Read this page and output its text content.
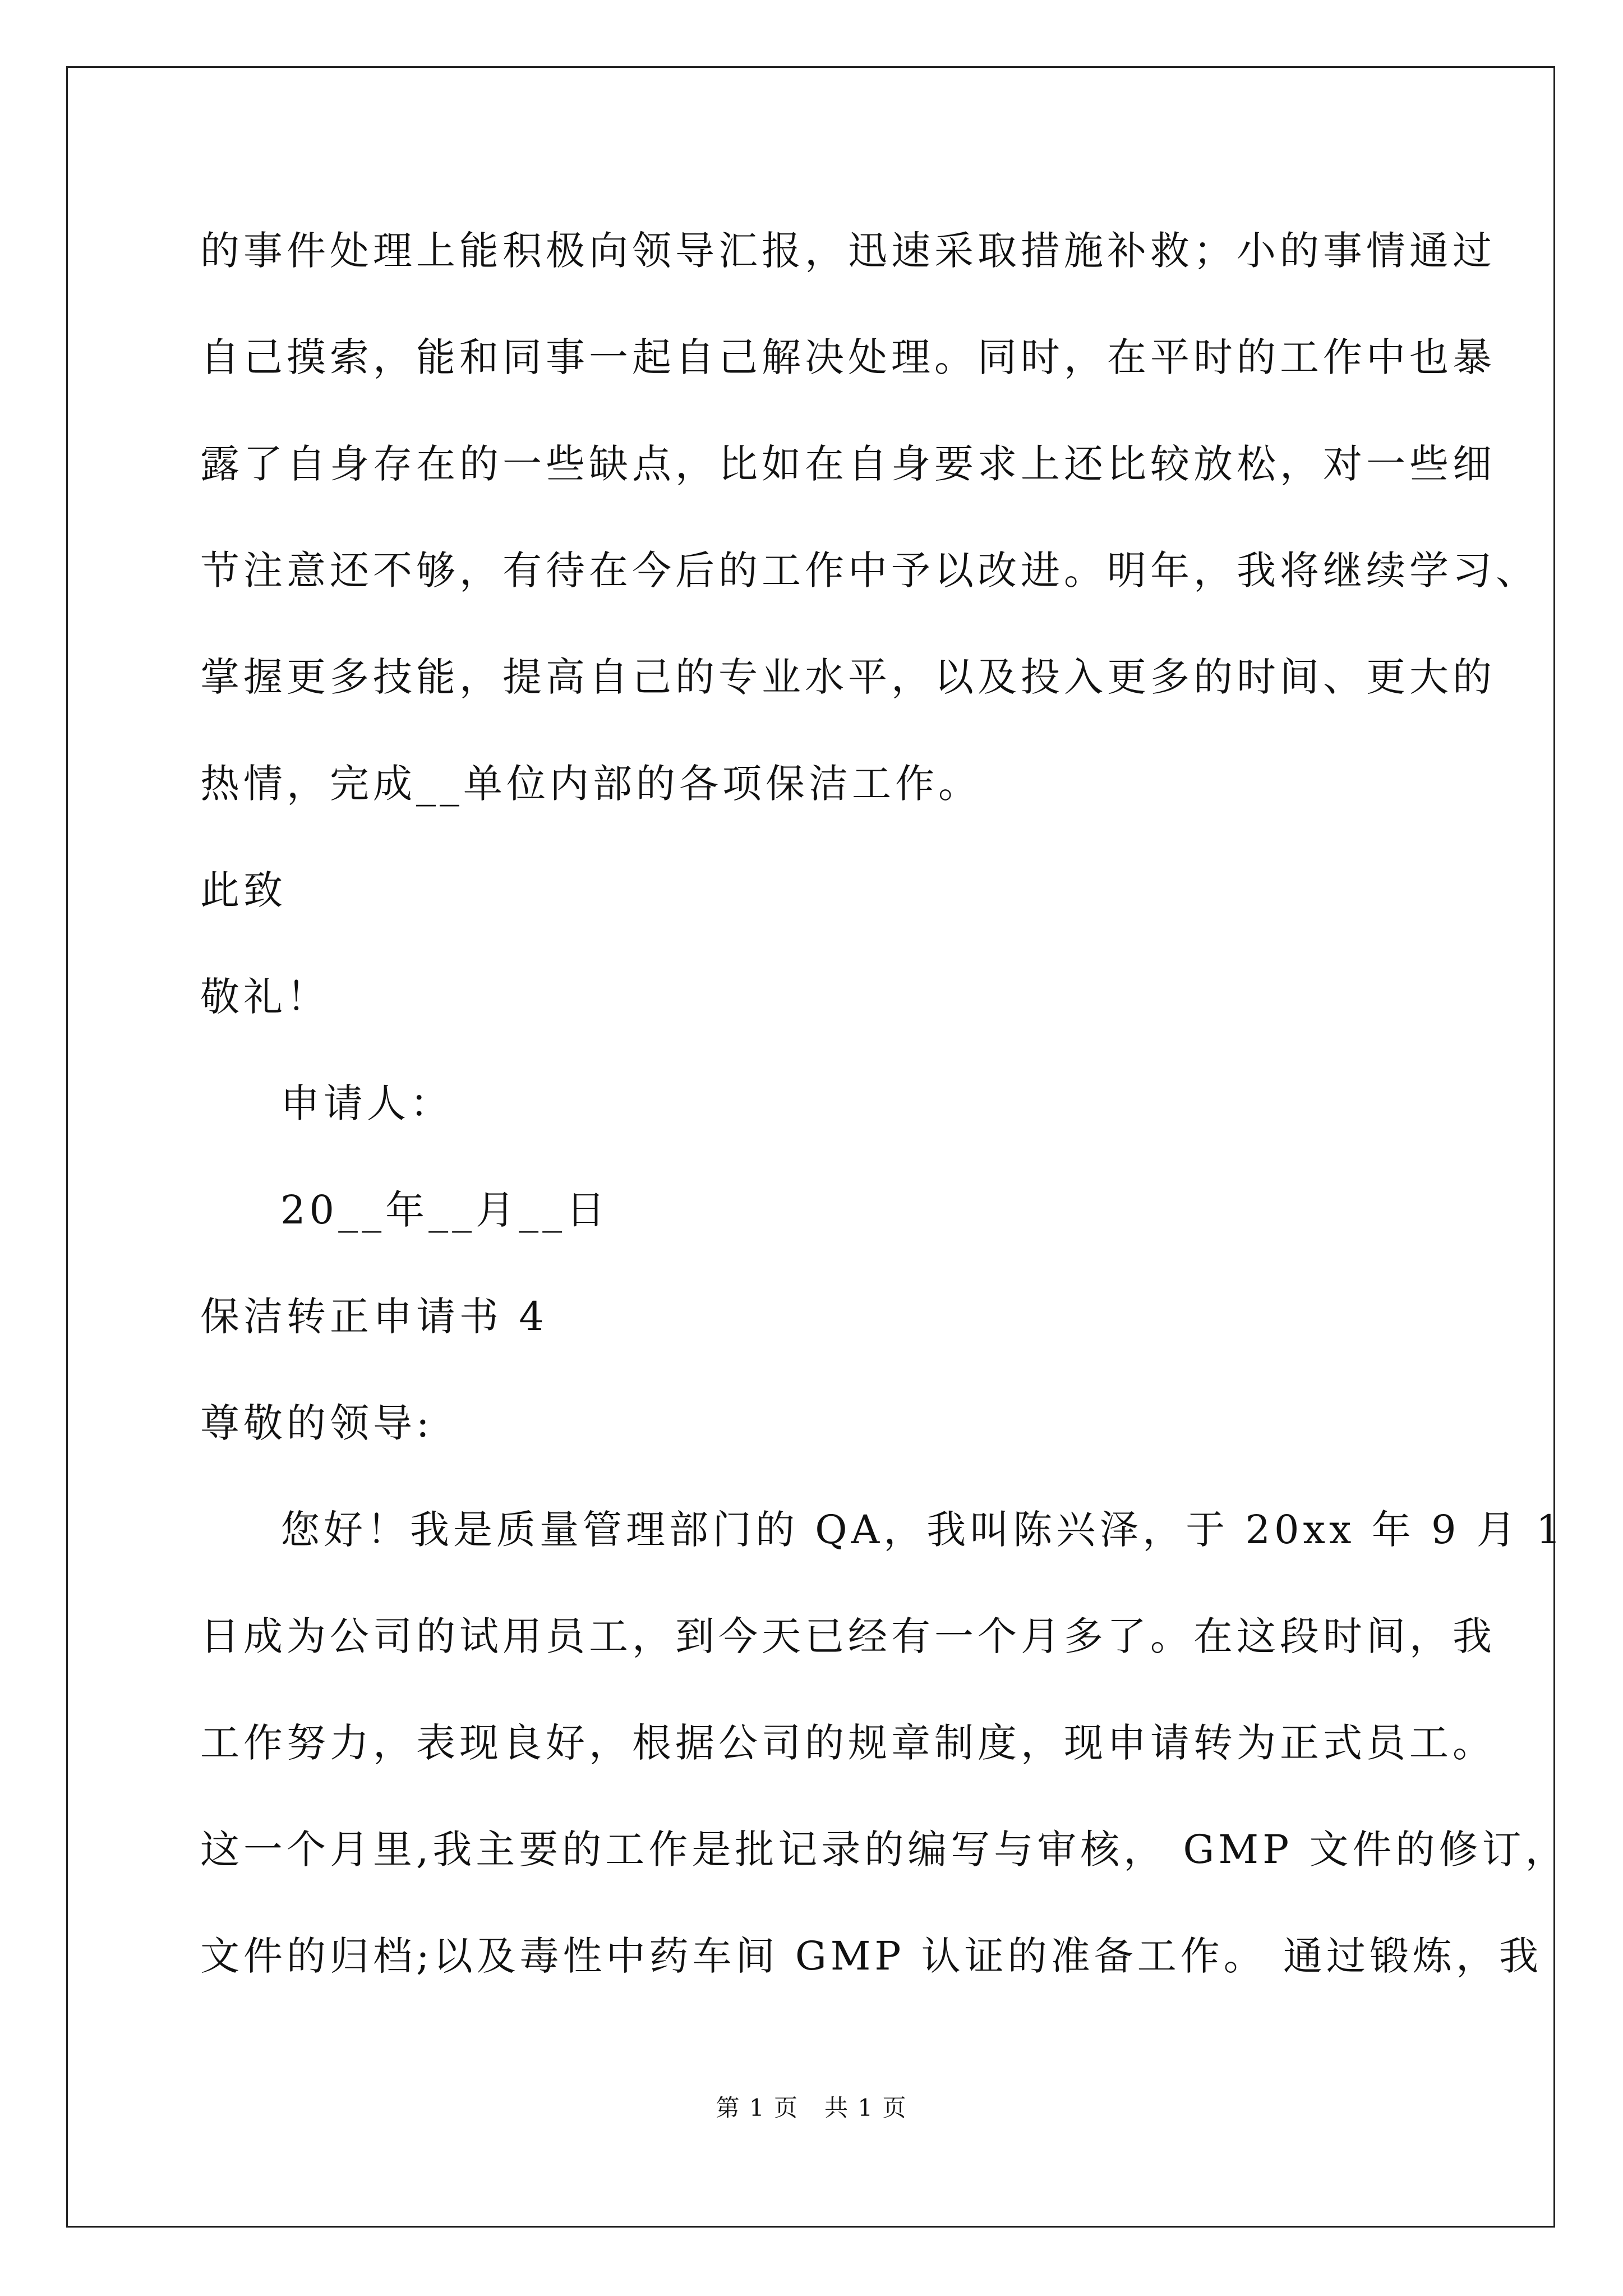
的事件处理上能积极向领导汇报，迅速采取措施补救；小的事情通过
自己摸索，能和同事一起自己解决处理。同时，在平时的工作中也暴
露了自身存在的一些缺点，比如在自身要求上还比较放松，对一些细
节注意还不够，有待在今后的工作中予以改进。明年，我将继续学习、
掌握更多技能，提高自己的专业水平，以及投入更多的时间、更大的
热情，完成__单位内部的各项保洁工作。
此致
敬礼！
申请人：
20__年__月__日
保洁转正申请书 4
尊敬的领导:
您好！我是质量管理部门的 QA，我叫陈兴泽，于 20xx 年 9 月 1
日成为公司的试用员工，到今天已经有一个月多了。在这段时间，我
工作努力，表现良好，根据公司的规章制度，现申请转为正式员工。
这一个月里,我主要的工作是批记录的编写与审核， GMP 文件的修订，
文件的归档;以及毒性中药车间 GMP 认证的准备工作。 通过锻炼，我
第 1 页   共 1 页
